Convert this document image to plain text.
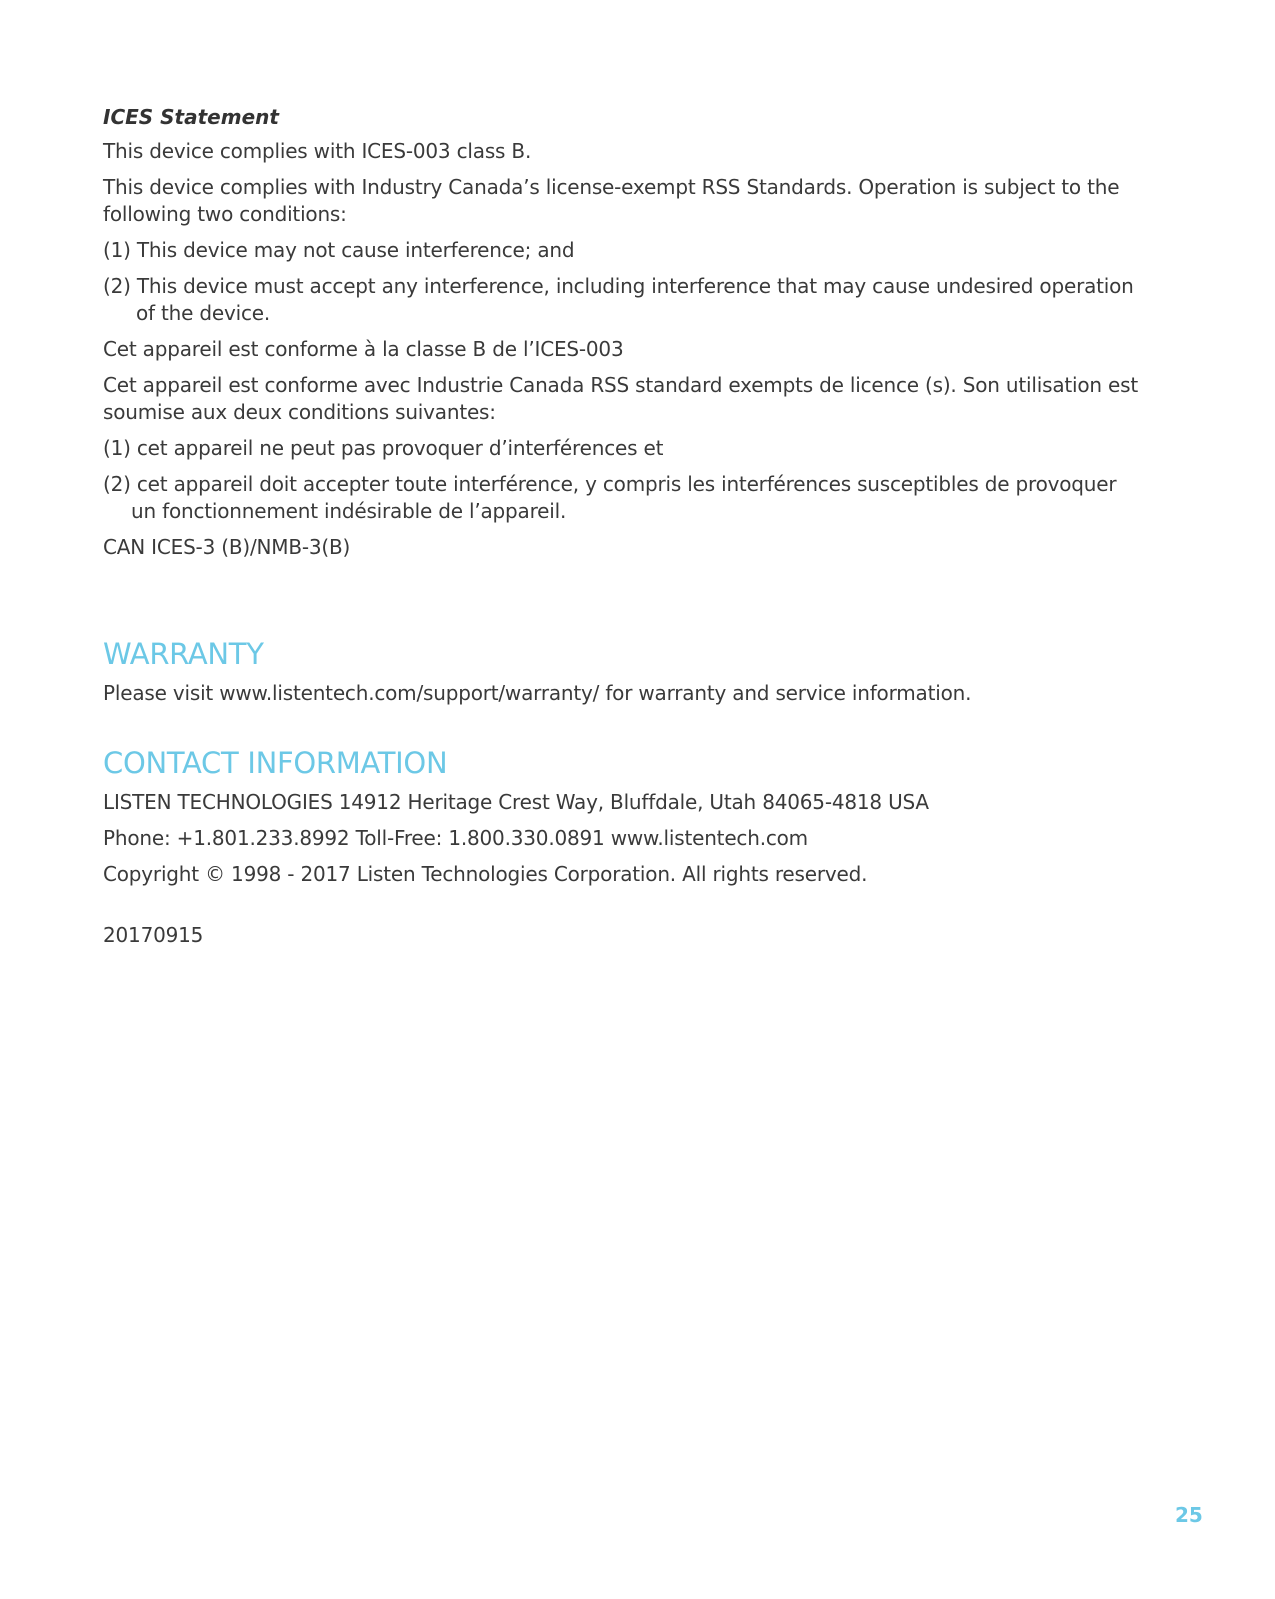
ICES Statement

This device complies with ICES-003 class B.

This device complies with Industry Canada’s license-exempt RSS Standards. Operation is subject to the following two conditions:

(1) This device may not cause interference; and

(2) This device must accept any interference, including interference that may cause undesired operation of the device.

Cet appareil est conforme à la classe B de l’ICES-003

Cet appareil est conforme avec Industrie Canada RSS standard exempts de licence (s). Son utilisation est soumise aux deux conditions suivantes:

(1) cet appareil ne peut pas provoquer d’interférences et

(2) cet appareil doit accepter toute interférence, y compris les interférences susceptibles de provoquer un fonctionnement indésirable de l’appareil.

CAN ICES-3 (B)/NMB-3(B)

WARRANTY

Please visit www.listentech.com/support/warranty/ for warranty and service information.

CONTACT INFORMATION

LISTEN TECHNOLOGIES 14912 Heritage Crest Way, Bluffdale, Utah 84065-4818 USA

Phone: +1.801.233.8992 Toll-Free: 1.800.330.0891 www.listentech.com

Copyright © 1998 - 2017 Listen Technologies Corporation. All rights reserved.

20170915

25
